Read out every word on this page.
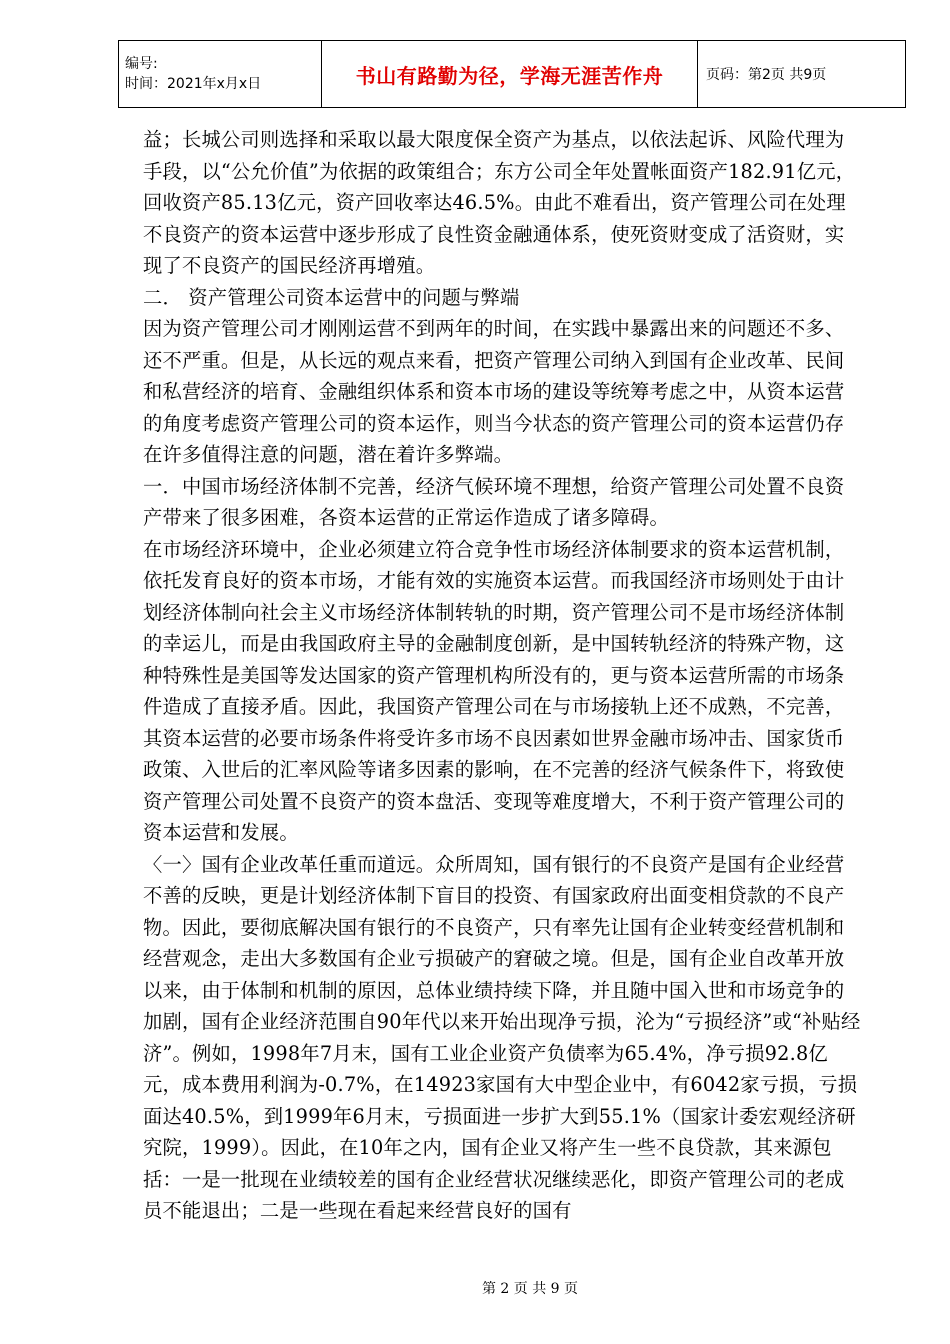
编号:
时间：2021年x月x日	书山有路勤为径，学海无涯苦作舟	页码：第2页 共9页

益；长城公司则选择和采取以最大限度保全资产为基点，以依法起诉、风险代理为手段，以“公允价值”为依据的政策组合；东方公司全年处置帐面资产182.91亿元，回收资产85.13亿元，资产回收率达46.5%。由此不难看出，资产管理公司在处理不良资产的资本运营中逐步形成了良性资金融通体系，使死资财变成了活资财，实现了不良资产的国民经济再增殖。

二． 资产管理公司资本运营中的问题与弊端

因为资产管理公司才刚刚运营不到两年的时间，在实践中暴露出来的问题还不多、还不严重。但是，从长远的观点来看，把资产管理公司纳入到国有企业改革、民间和私营经济的培育、金融组织体系和资本市场的建设等统筹考虑之中，从资本运营的角度考虑资产管理公司的资本运作，则当今状态的资产管理公司的资本运营仍存在许多值得注意的问题，潜在着许多弊端。

一．中国市场经济体制不完善，经济气候环境不理想，给资产管理公司处置不良资产带来了很多困难，各资本运营的正常运作造成了诸多障碍。

在市场经济环境中，企业必须建立符合竞争性市场经济体制要求的资本运营机制，依托发育良好的资本市场，才能有效的实施资本运营。而我国经济市场则处于由计划经济体制向社会主义市场经济体制转轨的时期，资产管理公司不是市场经济体制的幸运儿，而是由我国政府主导的金融制度创新，是中国转轨经济的特殊产物，这种特殊性是美国等发达国家的资产管理机构所没有的，更与资本运营所需的市场条件造成了直接矛盾。因此，我国资产管理公司在与市场接轨上还不成熟，不完善，其资本运营的必要市场条件将受许多市场不良因素如世界金融市场冲击、国家货币政策、入世后的汇率风险等诸多因素的影响，在不完善的经济气候条件下，将致使资产管理公司处置不良资产的资本盘活、变现等难度增大，不利于资产管理公司的资本运营和发展。

〈一〉国有企业改革任重而道远。众所周知，国有银行的不良资产是国有企业经营不善的反映，更是计划经济体制下盲目的投资、有国家政府出面变相贷款的不良产物。因此，要彻底解决国有银行的不良资产，只有率先让国有企业转变经营机制和经营观念，走出大多数国有企业亏损破产的窘破之境。但是，国有企业自改革开放以来，由于体制和机制的原因，总体业绩持续下降，并且随中国入世和市场竞争的加剧，国有企业经济范围自90年代以来开始出现净亏损，沦为“亏损经济”或“补贴经济”。例如，1998年7月末，国有工业企业资产负债率为65.4%，净亏损92.8亿元，成本费用利润为-0.7%，在14923家国有大中型企业中，有6042家亏损，亏损面达40.5%，到1999年6月末，亏损面进一步扩大到55.1%（国家计委宏观经济研究院，1999）。因此，在10年之内，国有企业又将产生一些不良贷款，其来源包括：一是一批现在业绩较差的国有企业经营状况继续恶化，即资产管理公司的老成员不能退出；二是一些现在看起来经营良好的国有

第 2 页 共 9 页
